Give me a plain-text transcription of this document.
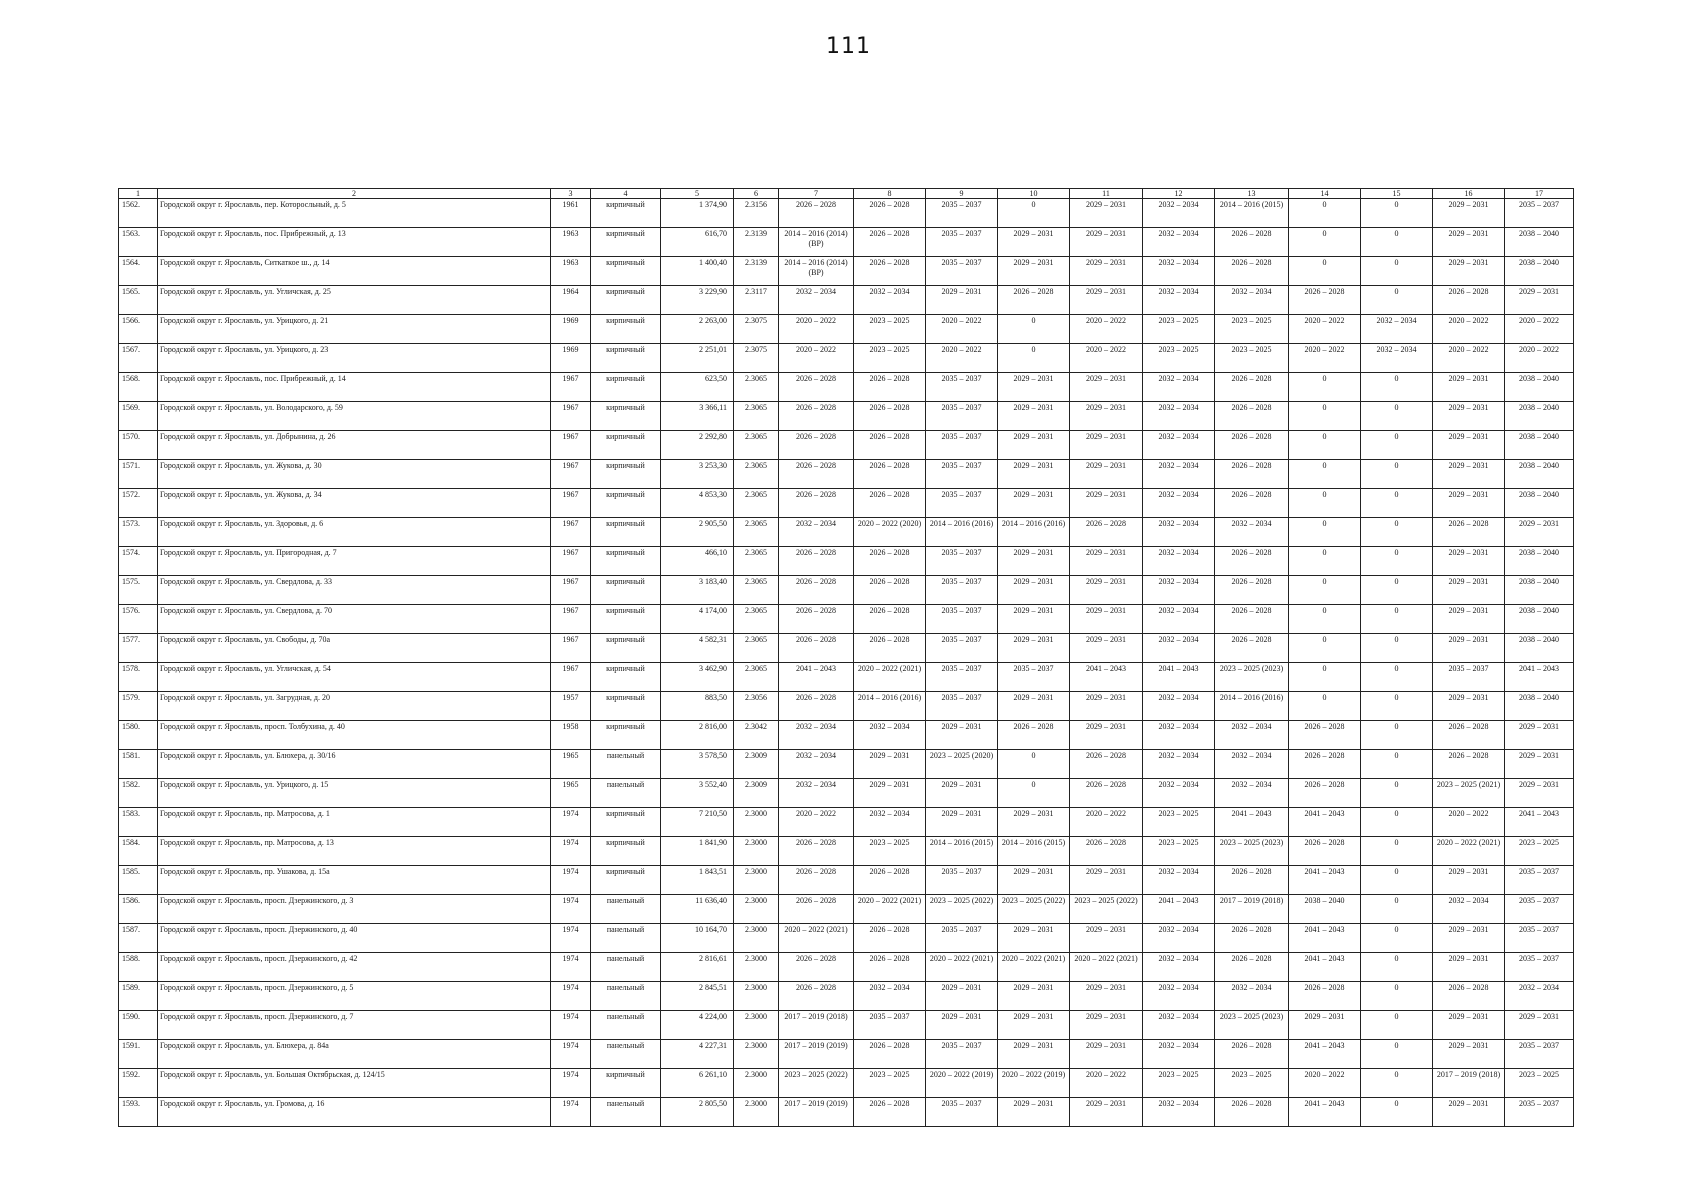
111
1	2	3	4	5	6	7	8	9	10	11	12	13	14	15	16	17
1562.	Городской округ г. Ярославль, пер. Которосльный, д. 5	1961	кирпичный	1 374,90	2.3156	2026 – 2028	2026 – 2028	2035 – 2037	0	2029 – 2031	2032 – 2034	2014 – 2016 (2015)	0	0	2029 – 2031	2035 – 2037
1563.	Городской округ г. Ярославль, пос. Прибрежный, д. 13	1963	кирпичный	616,70	2.3139	2014 – 2016 (2014) (ВР)	2026 – 2028	2035 – 2037	2029 – 2031	2029 – 2031	2032 – 2034	2026 – 2028	0	0	2029 – 2031	2038 – 2040
1564.	Городской округ г. Ярославль, Ситкаткое ш., д. 14	1963	кирпичный	1 400,40	2.3139	2014 – 2016 (2014) (ВР)	2026 – 2028	2035 – 2037	2029 – 2031	2029 – 2031	2032 – 2034	2026 – 2028	0	0	2029 – 2031	2038 – 2040
1565.	Городской округ г. Ярославль, ул. Угличская, д. 25	1964	кирпичный	3 229,90	2.3117	2032 – 2034	2032 – 2034	2029 – 2031	2026 – 2028	2029 – 2031	2032 – 2034	2032 – 2034	2026 – 2028	0	2026 – 2028	2029 – 2031
1566.	Городской округ г. Ярославль, ул. Урицкого, д. 21	1969	кирпичный	2 263,00	2.3075	2020 – 2022	2023 – 2025	2020 – 2022	0	2020 – 2022	2023 – 2025	2023 – 2025	2020 – 2022	2032 – 2034	2020 – 2022	2020 – 2022
1567.	Городской округ г. Ярославль, ул. Урицкого, д. 23	1969	кирпичный	2 251,01	2.3075	2020 – 2022	2023 – 2025	2020 – 2022	0	2020 – 2022	2023 – 2025	2023 – 2025	2020 – 2022	2032 – 2034	2020 – 2022	2020 – 2022
1568.	Городской округ г. Ярославль, пос. Прибрежный, д. 14	1967	кирпичный	623,50	2.3065	2026 – 2028	2026 – 2028	2035 – 2037	2029 – 2031	2029 – 2031	2032 – 2034	2026 – 2028	0	0	2029 – 2031	2038 – 2040
1569.	Городской округ г. Ярославль, ул. Володарского, д. 59	1967	кирпичный	3 366,11	2.3065	2026 – 2028	2026 – 2028	2035 – 2037	2029 – 2031	2029 – 2031	2032 – 2034	2026 – 2028	0	0	2029 – 2031	2038 – 2040
1570.	Городской округ г. Ярославль, ул. Добрынина, д. 26	1967	кирпичный	2 292,80	2.3065	2026 – 2028	2026 – 2028	2035 – 2037	2029 – 2031	2029 – 2031	2032 – 2034	2026 – 2028	0	0	2029 – 2031	2038 – 2040
1571.	Городской округ г. Ярославль, ул. Жукова, д. 30	1967	кирпичный	3 253,30	2.3065	2026 – 2028	2026 – 2028	2035 – 2037	2029 – 2031	2029 – 2031	2032 – 2034	2026 – 2028	0	0	2029 – 2031	2038 – 2040
1572.	Городской округ г. Ярославль, ул. Жукова, д. 34	1967	кирпичный	4 853,30	2.3065	2026 – 2028	2026 – 2028	2035 – 2037	2029 – 2031	2029 – 2031	2032 – 2034	2026 – 2028	0	0	2029 – 2031	2038 – 2040
1573.	Городской округ г. Ярославль, ул. Здоровья, д. 6	1967	кирпичный	2 905,50	2.3065	2032 – 2034	2020 – 2022 (2020)	2014 – 2016 (2016)	2014 – 2016 (2016)	2026 – 2028	2032 – 2034	2032 – 2034	0	0	2026 – 2028	2029 – 2031
1574.	Городской округ г. Ярославль, ул. Пригородная, д. 7	1967	кирпичный	466,10	2.3065	2026 – 2028	2026 – 2028	2035 – 2037	2029 – 2031	2029 – 2031	2032 – 2034	2026 – 2028	0	0	2029 – 2031	2038 – 2040
1575.	Городской округ г. Ярославль, ул. Свердлова, д. 33	1967	кирпичный	3 183,40	2.3065	2026 – 2028	2026 – 2028	2035 – 2037	2029 – 2031	2029 – 2031	2032 – 2034	2026 – 2028	0	0	2029 – 2031	2038 – 2040
1576.	Городской округ г. Ярославль, ул. Свердлова, д. 70	1967	кирпичный	4 174,00	2.3065	2026 – 2028	2026 – 2028	2035 – 2037	2029 – 2031	2029 – 2031	2032 – 2034	2026 – 2028	0	0	2029 – 2031	2038 – 2040
1577.	Городской округ г. Ярославль, ул. Свободы, д. 70а	1967	кирпичный	4 582,31	2.3065	2026 – 2028	2026 – 2028	2035 – 2037	2029 – 2031	2029 – 2031	2032 – 2034	2026 – 2028	0	0	2029 – 2031	2038 – 2040
1578.	Городской округ г. Ярославль, ул. Угличская, д. 54	1967	кирпичный	3 462,90	2.3065	2041 – 2043	2020 – 2022 (2021)	2035 – 2037	2035 – 2037	2041 – 2043	2041 – 2043	2023 – 2025 (2023)	0	0	2035 – 2037	2041 – 2043
1579.	Городской округ г. Ярославль, ул. Загрудная, д. 20	1957	кирпичный	883,50	2.3056	2026 – 2028	2014 – 2016 (2016)	2035 – 2037	2029 – 2031	2029 – 2031	2032 – 2034	2014 – 2016 (2016)	0	0	2029 – 2031	2038 – 2040
1580.	Городской округ г. Ярославль, просп. Толбухина, д. 40	1958	кирпичный	2 816,00	2.3042	2032 – 2034	2032 – 2034	2029 – 2031	2026 – 2028	2029 – 2031	2032 – 2034	2032 – 2034	2026 – 2028	0	2026 – 2028	2029 – 2031
1581.	Городской округ г. Ярославль, ул. Блюхера, д. 30/16	1965	панельный	3 578,50	2.3009	2032 – 2034	2029 – 2031	2023 – 2025 (2020)	0	2026 – 2028	2032 – 2034	2032 – 2034	2026 – 2028	0	2026 – 2028	2029 – 2031
1582.	Городской округ г. Ярославль, ул. Урицкого, д. 15	1965	панельный	3 552,40	2.3009	2032 – 2034	2029 – 2031	2029 – 2031	0	2026 – 2028	2032 – 2034	2032 – 2034	2026 – 2028	0	2023 – 2025 (2021)	2029 – 2031
1583.	Городской округ г. Ярославль, пр. Матросова, д. 1	1974	кирпичный	7 210,50	2.3000	2020 – 2022	2032 – 2034	2029 – 2031	2029 – 2031	2020 – 2022	2023 – 2025	2041 – 2043	2041 – 2043	0	2020 – 2022	2041 – 2043
1584.	Городской округ г. Ярославль, пр. Матросова, д. 13	1974	кирпичный	1 841,90	2.3000	2026 – 2028	2023 – 2025	2014 – 2016 (2015)	2014 – 2016 (2015)	2026 – 2028	2023 – 2025	2023 – 2025 (2023)	2026 – 2028	0	2020 – 2022 (2021)	2023 – 2025
1585.	Городской округ г. Ярославль, пр. Ушакова, д. 15а	1974	кирпичный	1 843,51	2.3000	2026 – 2028	2026 – 2028	2035 – 2037	2029 – 2031	2029 – 2031	2032 – 2034	2026 – 2028	2041 – 2043	0	2029 – 2031	2035 – 2037
1586.	Городской округ г. Ярославль, просп. Дзержинского, д. 3	1974	панельный	11 636,40	2.3000	2026 – 2028	2020 – 2022 (2021)	2023 – 2025 (2022)	2023 – 2025 (2022)	2023 – 2025 (2022)	2041 – 2043	2017 – 2019 (2018)	2038 – 2040	0	2032 – 2034	2035 – 2037
1587.	Городской округ г. Ярославль, просп. Дзержинского, д. 40	1974	панельный	10 164,70	2.3000	2020 – 2022 (2021)	2026 – 2028	2035 – 2037	2029 – 2031	2029 – 2031	2032 – 2034	2026 – 2028	2041 – 2043	0	2029 – 2031	2035 – 2037
1588.	Городской округ г. Ярославль, просп. Дзержинского, д. 42	1974	панельный	2 816,61	2.3000	2026 – 2028	2026 – 2028	2020 – 2022 (2021)	2020 – 2022 (2021)	2020 – 2022 (2021)	2032 – 2034	2026 – 2028	2041 – 2043	0	2029 – 2031	2035 – 2037
1589.	Городской округ г. Ярославль, просп. Дзержинского, д. 5	1974	панельный	2 845,51	2.3000	2026 – 2028	2032 – 2034	2029 – 2031	2029 – 2031	2029 – 2031	2032 – 2034	2032 – 2034	2026 – 2028	0	2026 – 2028	2032 – 2034
1590.	Городской округ г. Ярославль, просп. Дзержинского, д. 7	1974	панельный	4 224,00	2.3000	2017 – 2019 (2018)	2035 – 2037	2029 – 2031	2029 – 2031	2029 – 2031	2032 – 2034	2023 – 2025 (2023)	2029 – 2031	0	2029 – 2031	2029 – 2031
1591.	Городской округ г. Ярославль, ул. Блюхера, д. 84а	1974	панельный	4 227,31	2.3000	2017 – 2019 (2019)	2026 – 2028	2035 – 2037	2029 – 2031	2029 – 2031	2032 – 2034	2026 – 2028	2041 – 2043	0	2029 – 2031	2035 – 2037
1592.	Городской округ г. Ярославль, ул. Большая Октябрьская, д. 124/15	1974	кирпичный	6 261,10	2.3000	2023 – 2025 (2022)	2023 – 2025	2020 – 2022 (2019)	2020 – 2022 (2019)	2020 – 2022	2023 – 2025	2023 – 2025	2020 – 2022	0	2017 – 2019 (2018)	2023 – 2025
1593.	Городской округ г. Ярославль, ул. Громова, д. 16	1974	панельный	2 805,50	2.3000	2017 – 2019 (2019)	2026 – 2028	2035 – 2037	2029 – 2031	2029 – 2031	2032 – 2034	2026 – 2028	2041 – 2043	0	2029 – 2031	2035 – 2037
